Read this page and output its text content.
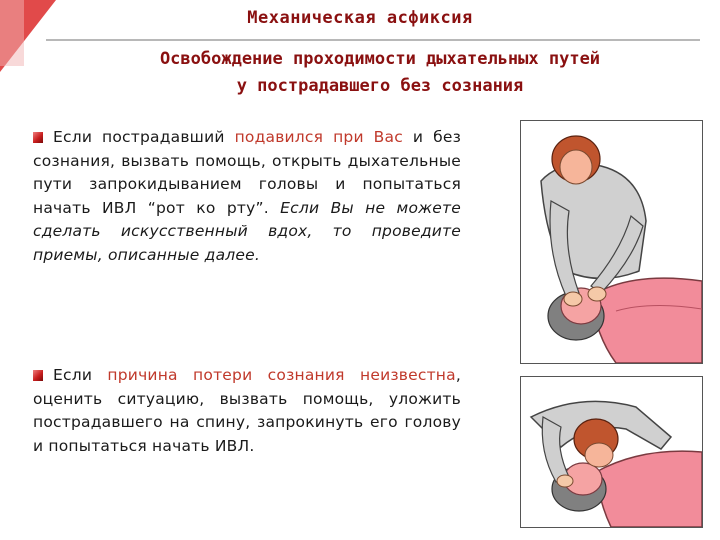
Механическая асфиксия
Освобождение проходимости дыхательных путей
у пострадавшего без сознания
Если пострадавший подавился при Вас и без сознания, вызвать помощь, открыть дыхательные пути запрокидыванием головы и попытаться начать ИВЛ “рот ко рту”. Если Вы не можете сделать искусственный вдох, то проведите приемы, описанные далее.
Если причина потери сознания неизвестна, оценить ситуацию, вызвать помощь, уложить пострадавшего на спину, запрокинуть его голову и попытаться начать ИВЛ.
